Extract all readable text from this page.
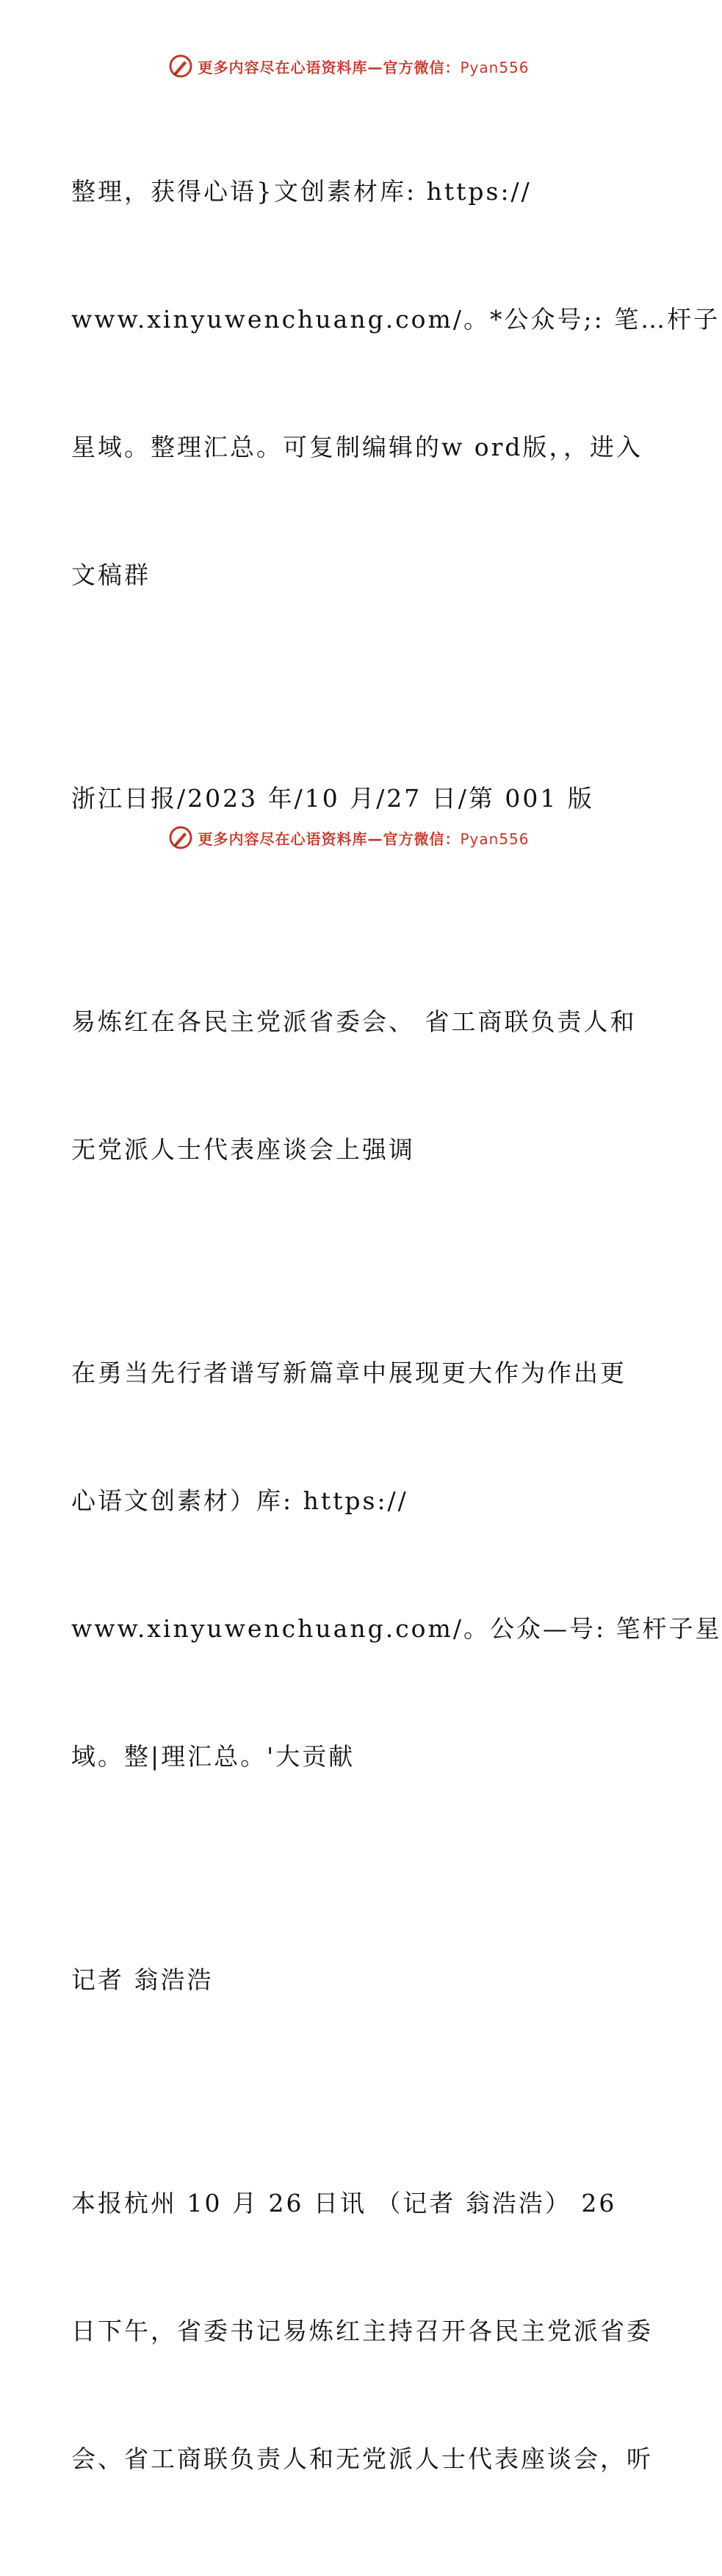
更多内容尽在心语资料库—官方微信：Pyan556

整理，获得心语}文创素材库: https://

www.xinyuwenchuang.com/。*公众号;: 笔…杆子

星域。整理汇总。可复制编辑的w ord版，，进入

文稿群

浙江日报/2023 年/10 月/27 日/第 001 版

易炼红在各民主党派省委会、 省工商联负责人和

无党派人士代表座谈会上强调

在勇当先行者谱写新篇章中展现更大作为作出更

心语文创素材）库: https://

www.xinyuwenchuang.com/。公众—号: 笔杆子星

域。整|理汇总。'大贡献

记者 翁浩浩

本报杭州 10 月 26 日讯 （记者 翁浩浩） 26

日下午，省委书记易炼红主持召开各民主党派省委

会、省工商联负责人和无党派人士代表座谈会，听

更多内容尽在心语资料库—官方微信：Pyan556
